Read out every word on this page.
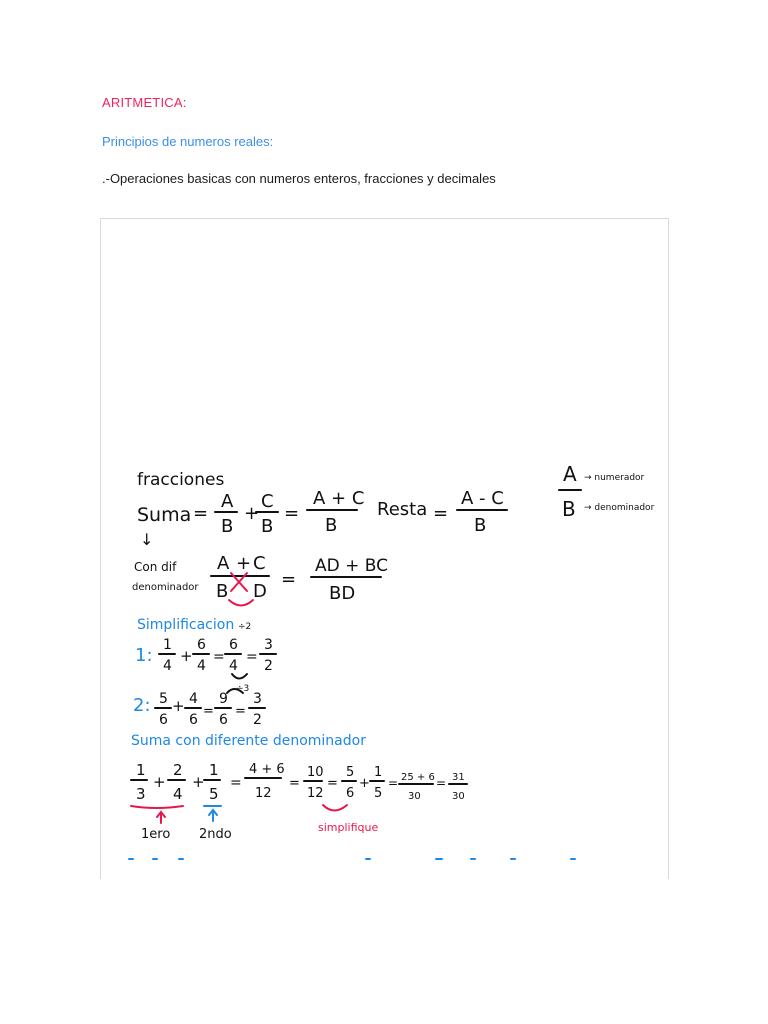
ARITMETICA:
Principios de numeros reales:
.-Operaciones basicas con numeros enteros, fracciones y decimales
fracciones
Suma
↓
=
A
B
+
C
B
=
A + C
B
Resta =
A - C
B
A
B
→ numerador
→ denominador
Con dif
denominador
A + C
B D
=
AD + BC
BD
Simplificacion ÷2
1: 1
4
+
6
4
=
6
4
=
3
2
÷3
2: 5
6
+ 4
6
=
9
6
=
3
2
Suma con diferente denominador
1
3
+
2
4
+
1
5
=
4 + 6
12
=
10
12
=
5
6
+
1
5
= 25 + 6
30
= 31
30
1ero 2ndo	simplifique
